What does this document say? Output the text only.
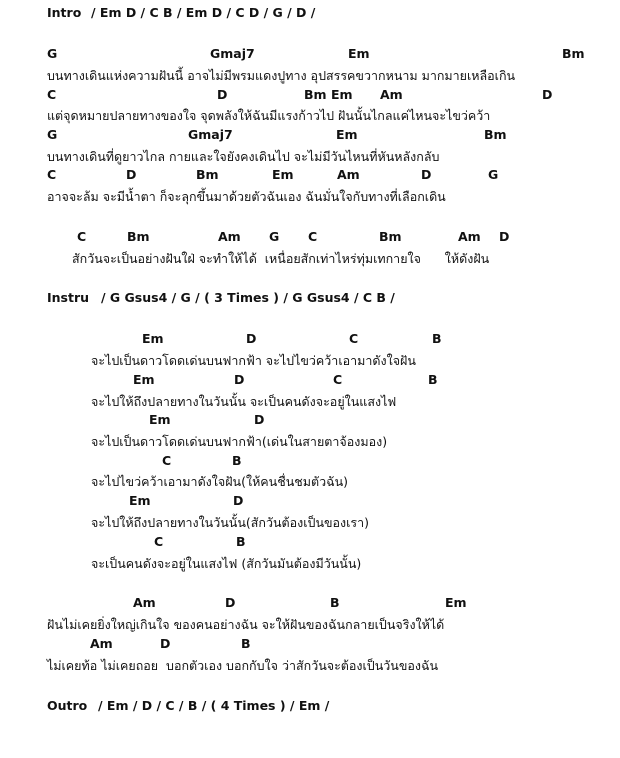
Intro

/ Em D / C B / Em D / C D / G / D /

G

	Gmaj7

	Em

	Bm

บนทางเดินแห่งความฝันนี้ อาจไม่มีพรมแดงปูทาง อุปสรรคขวากหนาม มากมายเหลือเกิน

C

	D

	Bm

Em

Am

	D

แต่จุดหมายปลายทางของใจ จุดพลังให้ฉันมีแรงก้าวไป ฝันนั้นไกลแค่ไหนจะไขว่คว้า

G

	Gmaj7

	Em

	Bm

บนทางเดินที่ดูยาวไกล กายและใจยังคงเดินไป จะไม่มีวันไหนที่หันหลังกลับ

C

	D

	Bm

	Em

	Am

	D

	G

อาจจะล้ม จะมีน้ำตา ก็จะลุกขึ้นมาด้วยตัวฉันเอง ฉันมั่นใจกับทางที่เลือกเดิน

C

	Bm

	Am

G

C

	Bm

	Am

D

สักวันจะเป็นอย่างฝันใฝ่ จะทำให้ได้  เหนื่อยสักเท่าไหร่ทุ่มเทกายใจ      ให้ดังฝัน

Instru

/ G Gsus4 / G / ( 3 Times ) / G Gsus4 / C B /

Em

	D

	C

	B

จะไปเป็นดาวโดดเด่นบนฟากฟ้า จะไปไขว่คว้าเอามาดังใจฝัน

Em

	D

	C

	B

จะไปให้ถึงปลายทางในวันนั้น จะเป็นคนดังจะอยู่ในแสงไฟ

Em

	D

จะไปเป็นดาวโดดเด่นบนฟากฟ้า(เด่นในสายตาจ้องมอง)

C

	B

จะไปไขว่คว้าเอามาดังใจฝัน(ให้คนชื่นชมตัวฉัน)

Em

	D

จะไปให้ถึงปลายทางในวันนั้น(สักวันต้องเป็นของเรา)

C

	B

จะเป็นคนดังจะอยู่ในแสงไฟ (สักวันมันต้องมีวันนั้น)

Am

	D

	B

	Em

ฝันไม่เคยยิ่งใหญ่เกินใจ ของคนอย่างฉัน จะให้ฝันของฉันกลายเป็นจริงให้ได้

Am

	D

	B

ไม่เคยท้อ ไม่เคยถอย  บอกตัวเอง บอกกับใจ ว่าสักวันจะต้องเป็นวันของฉัน

Outro

/ Em / D / C / B / ( 4 Times ) / Em /
